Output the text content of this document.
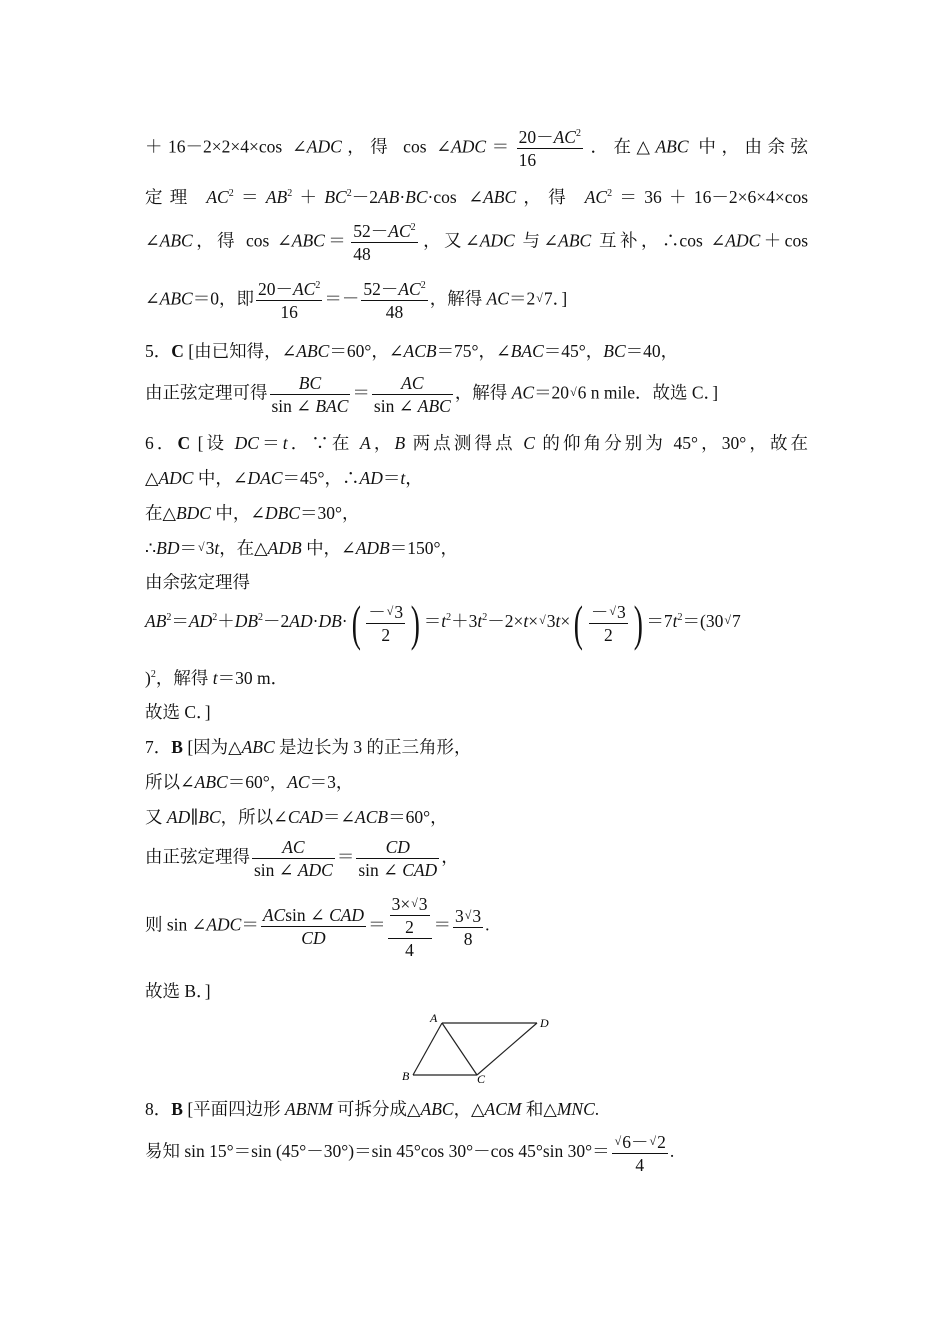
＋16－2×2×4×cos ∠ADC，得 cos ∠ADC＝ $\frac{20-AC^2}{16}$ ．在△ABC 中，由余弦
定理 $AC^2=AB^2+BC^2-2AB\cdot BC\cdot\cos$ ∠ABC，得 $AC^2=36+16-2\times 6\times 4\times\cos$
∠ABC，得 cos ∠ABC＝ $\frac{52-AC^2}{48}$ ，又∠ADC 与∠ABC 互补，∴cos ∠ADC＋cos
∠ABC＝0，即 $\frac{20-AC^2}{16} =- \frac{52-AC^2}{48}$ ，解得 AC＝2√7．]
5．C [由已知得，∠ABC＝60°，∠ACB＝75°，∠BAC＝45°，BC＝40，
由正弦定理可得 $\frac{BC}{\text{sin ∠ BAC}} = \frac{AC}{\text{sin ∠ ABC}}$ ，解得 AC＝20√6 n mile．故选 C．]
6．C [设 DC＝t．∵在 A，B 两点测得点 C 的仰角分别为 45°，30°，故在
△ADC 中，∠DAC＝45°，∴AD＝t，
在△BDC 中，∠DBC＝30°，
∴BD＝√3t，在△ADB 中，∠ADB＝150°，
由余弦定理得
$AB^2=AD^2+DB^2-2AD\cdot DB\cdot( \frac{-√3}{2}$ ) $=t^2+3t^2-2\times t\times√3t\times( \frac{-√3}{2}$ ) $=7t^2=(30√7$
)$^2$，解得 t＝30 m．
故选 C．]
7．B [因为△ABC 是边长为 3 的正三角形，
所以∠ABC＝60°，AC＝3，
又 AD∥BC，所以∠CAD＝∠ACB＝60°，
由正弦定理得 $\frac{AC}{\text{sin ∠ ADC}} = \frac{CD}{\text{sin ∠ CAD}}$ ，
则 sin ∠ADC＝ $\frac{\text{ACsin ∠ CAD}}{CD} = \frac{\frac{3\times√3}{2}}{4} = \frac{3√3}{8}$ .
故选 B．]
A	D
B	C
8．B [平面四边形 ABNM 可拆分成△ABC，△ACM 和△MNC.
易知 sin 15°＝sin (45°－30°)＝sin 45°cos 30°－cos 45°sin $30^\circ= \frac{√6-√2}{4}$ .
